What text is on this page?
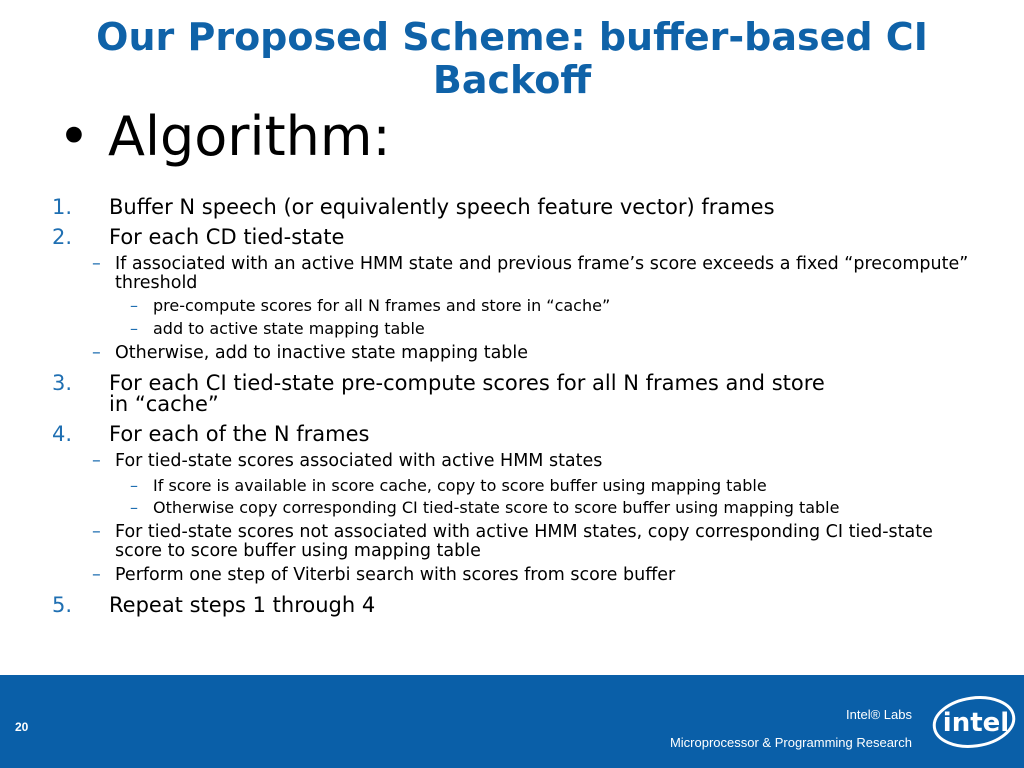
Our Proposed Scheme: buffer-based CI Backoff
• Algorithm:
1. Buffer N speech (or equivalently speech feature vector) frames
2. For each CD tied-state
– If associated with an active HMM state and previous frame’s score exceeds a fixed “precompute” threshold
– pre-compute scores for all N frames and store in “cache”
– add to active state mapping table
– Otherwise, add to inactive state mapping table
3. For each CI tied-state pre-compute scores for all N frames and store
in “cache”
4. For each of the N frames
– For tied-state scores associated with active HMM states
– If score is available in score cache, copy to score buffer using mapping table
– Otherwise copy corresponding CI tied-state score to score buffer using mapping table
– For tied-state scores not associated with active HMM states, copy corresponding CI tied-state score to score buffer using mapping table
– Perform one step of Viterbi search with scores from score buffer
5. Repeat steps 1 through 4
20
Intel® Labs
Microprocessor & Programming Research
intel
